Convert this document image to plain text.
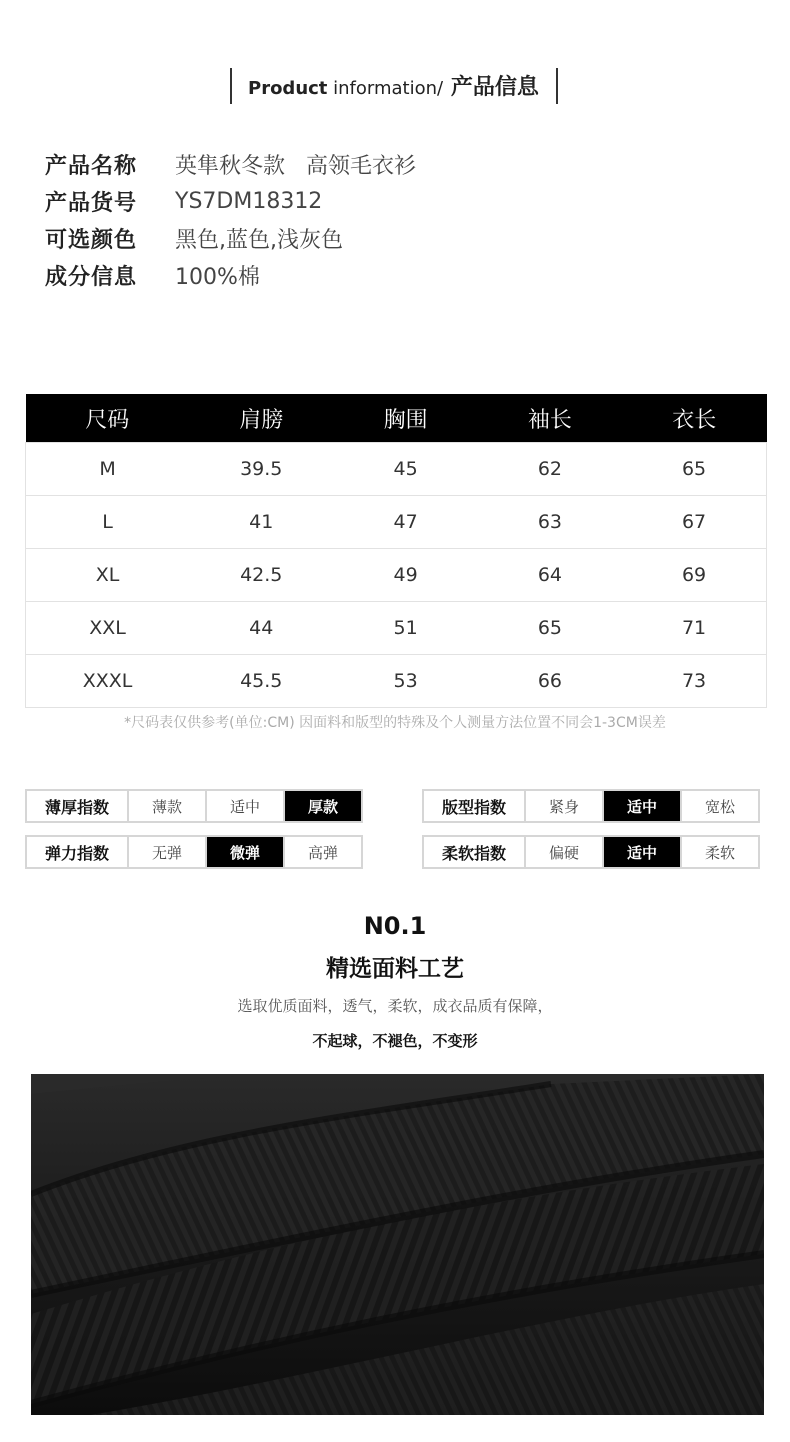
Product information/ 产品信息
产品名称	英隼秋冬款   高领毛衣衫
产品货号	YS7DM18312
可选颜色	黑色,蓝色,浅灰色
成分信息	100%棉
尺码	肩膀	胸围	袖长	衣长
M	39.5	45	62	65
L	41	47	63	67
XL	42.5	49	64	69
XXL	44	51	65	71
XXXL	45.5	53	66	73
*尺码表仅供参考(单位:CM) 因面料和版型的特殊及个人测量方法位置不同会1-3CM误差
薄厚指数	薄款	适中	厚款	版型指数	紧身	适中	宽松
弹力指数	无弹	微弹	高弹	柔软指数	偏硬	适中	柔软
N0.1
精选面料工艺
选取优质面料，透气，柔软，成衣品质有保障，
不起球，不褪色，不变形
